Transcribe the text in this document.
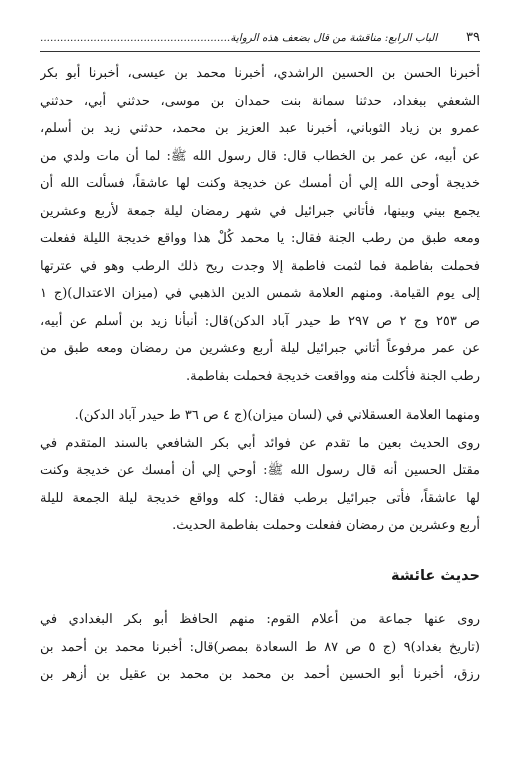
٣٩
الباب الرابع: مناقشة من قال بضعف هذه الرواية.........................................................
أخبرنا الحسن بن الحسين الراشدي، أخبرنا محمد بن عيسى، أخبرنا أبو بكر
الشعفي ببغداد، حدثنا سمانة بنت حمدان بن موسى، حدثني أبي، حدثني
عمرو بن زياد الثوباني، أخبرنا عبد العزيز بن محمد، حدثني زيد بن أسلم،
عن أبيه، عن عمر بن الخطاب قال: قال رسول الله ﷺ: لما أن مات ولدي من
خديجة أوحى الله إلي أن أمسك عن خديجة وكنت لها عاشقاً، فسألت الله أن
يجمع بيني وبينها، فأتاني جبرائيل في شهر رمضان ليلة جمعة لأربع وعشرين
ومعه طبق من رطب الجنة فقال: يا محمد كُلْ هذا وواقع خديجة الليلة ففعلت
فحملت بفاطمة فما لثمت فاطمة إلا وجدت ريح ذلك الرطب وهو في عترتها
إلى يوم القيامة. ومنهم العلامة شمس الدين الذهبي في (ميزان الاعتدال)(ج ١
ص ٢٥٣ وج ٢ ص ٢٩٧ ط حيدر آباد الدكن)قال: أنبأنا زيد بن أسلم عن أبيه،
عن عمر مرفوعاً أتاني جبرائيل ليلة أربع وعشرين من رمضان ومعه طبق من
رطب الجنة فأكلت منه وواقعت خديجة فحملت بفاطمة.
ومنهما العلامة العسقلاني في (لسان ميزان)(ج ٤ ص ٣٦ ط حيدر آباد الدكن).
روى الحديث بعين ما تقدم عن فوائد أبي بكر الشافعي بالسند المتقدم في
مقتل الحسين أنه قال رسول الله ﷺ: أوحي إلي أن أمسك عن خديجة وكنت
لها عاشقاً، فأتى جبرائيل برطب فقال: كله وواقع خديجة ليلة الجمعة لليلة
أربع وعشرين من رمضان ففعلت وحملت بفاطمة الحديث.
حديث عائشة
روى عنها جماعة من أعلام القوم: منهم الحافظ أبو بكر البغدادي في
(تاريخ بغداد)٩ (ج ٥ ص ٨٧ ط السعادة بمصر)قال: أخبرنا محمد بن أحمد بن
رزق، أخبرنا أبو الحسين أحمد بن محمد بن محمد بن عقيل بن أزهر بن
